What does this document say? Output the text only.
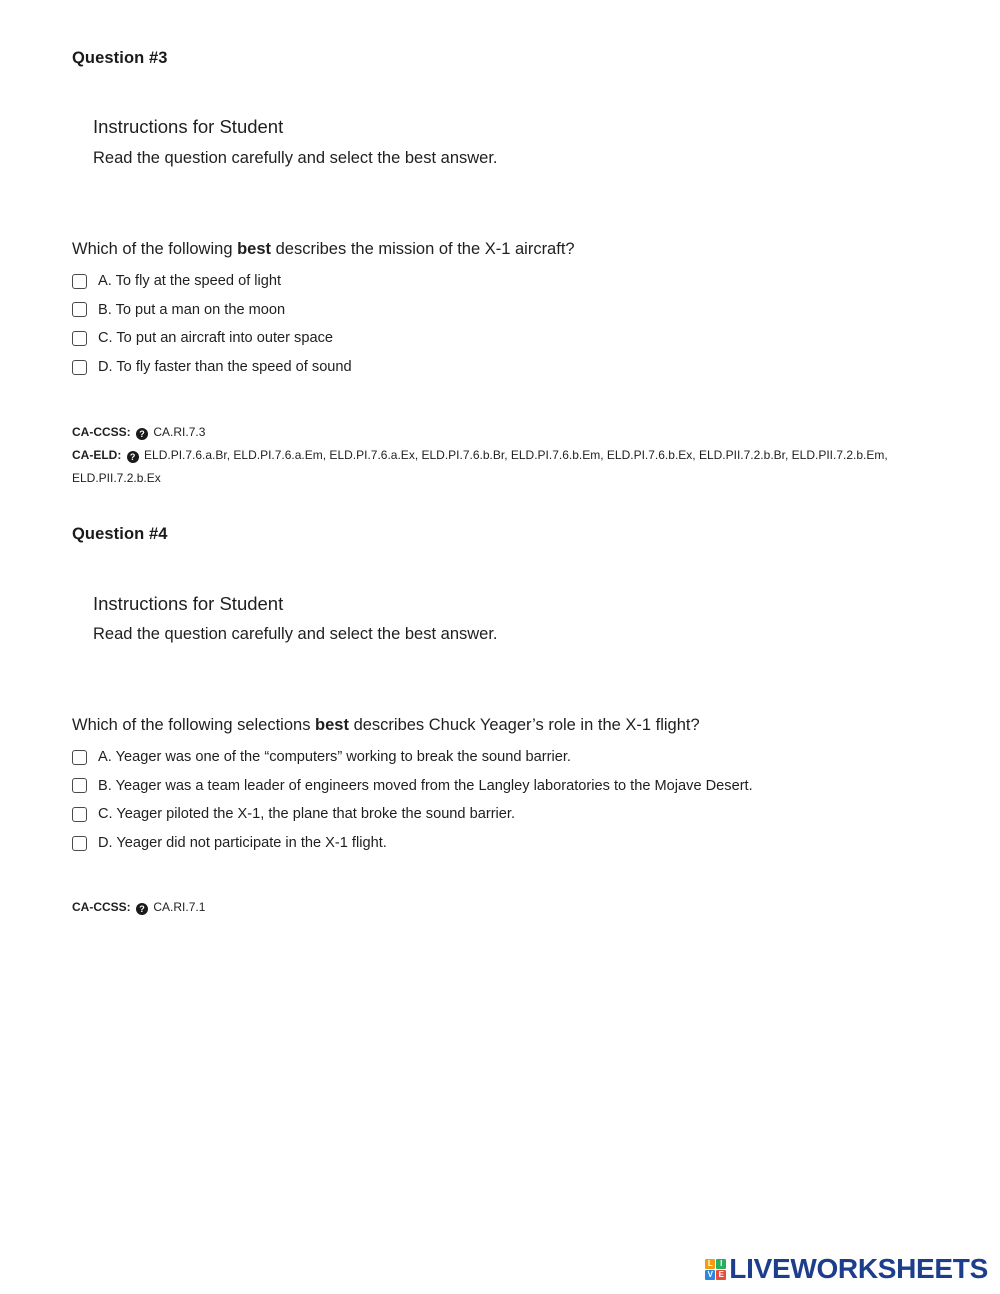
Question #3
Instructions for Student
Read the question carefully and select the best answer.
Which of the following best describes the mission of the X-1 aircraft?
A. To fly at the speed of light
B. To put a man on the moon
C. To put an aircraft into outer space
D. To fly faster than the speed of sound
CA-CCSS: ? CA.RI.7.3
CA-ELD: ? ELD.PI.7.6.a.Br, ELD.PI.7.6.a.Em, ELD.PI.7.6.a.Ex, ELD.PI.7.6.b.Br, ELD.PI.7.6.b.Em, ELD.PI.7.6.b.Ex, ELD.PII.7.2.b.Br, ELD.PII.7.2.b.Em, ELD.PII.7.2.b.Ex
Question #4
Instructions for Student
Read the question carefully and select the best answer.
Which of the following selections best describes Chuck Yeager’s role in the X-1 flight?
A. Yeager was one of the “computers” working to break the sound barrier.
B. Yeager was a team leader of engineers moved from the Langley laboratories to the Mojave Desert.
C. Yeager piloted the X-1, the plane that broke the sound barrier.
D. Yeager did not participate in the X-1 flight.
CA-CCSS: ? CA.RI.7.1
L I
V E LIVEWORKSHEETS
